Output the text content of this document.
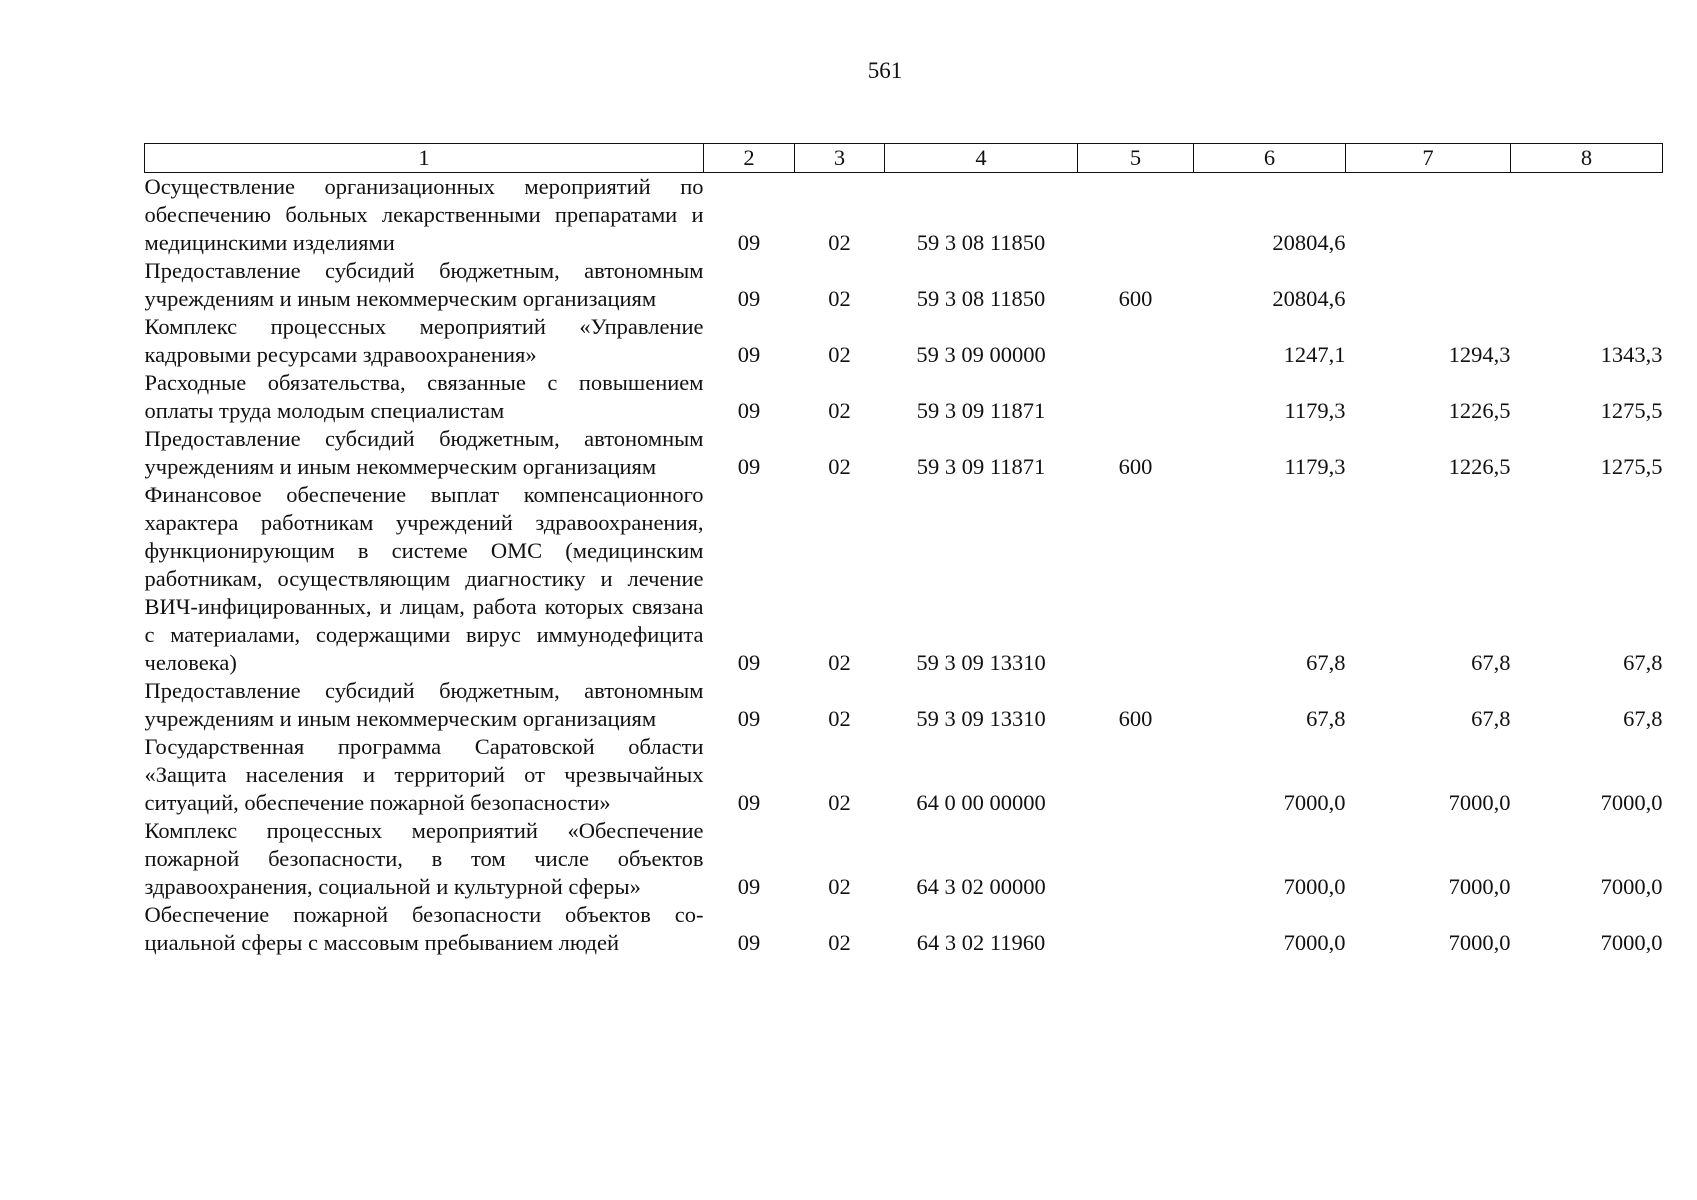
561
1	2	3	4	5	6	7	8
Осуществление организационных мероприятий по обеспечению больных лекарственными препаратами и медицинскими изделиями	09	02	59 3 08 11850		20804,6		
Предоставление субсидий бюджетным, автономным учреждениям и иным некоммерческим организациям	09	02	59 3 08 11850	600	20804,6		
Комплекс процессных мероприятий «Управление кадровыми ресурсами здравоохранения»	09	02	59 3 09 00000		1247,1	1294,3	1343,3
Расходные обязательства, связанные с повышением оплаты труда молодым специалистам	09	02	59 3 09 11871		1179,3	1226,5	1275,5
Предоставление субсидий бюджетным, автономным учреждениям и иным некоммерческим организациям	09	02	59 3 09 11871	600	1179,3	1226,5	1275,5
Финансовое обеспечение выплат компенсационного характера работникам учреждений здравоохранения, функционирующим в системе ОМС (медицинским работникам, осуществляющим диагностику и лечение ВИЧ-инфицированных, и лицам, работа которых связана с материалами, содержащими вирус иммунодефицита человека)	09	02	59 3 09 13310		67,8	67,8	67,8
Предоставление субсидий бюджетным, автономным учреждениям и иным некоммерческим организациям	09	02	59 3 09 13310	600	67,8	67,8	67,8
Государственная программа Саратовской области «Защита населения и территорий от чрезвычайных ситуаций, обеспечение пожарной безопасности»	09	02	64 0 00 00000		7000,0	7000,0	7000,0
Комплекс процессных мероприятий «Обеспечение пожарной безопасности, в том числе объектов здравоохранения, социальной и культурной сферы»	09	02	64 3 02 00000		7000,0	7000,0	7000,0
Обеспечение пожарной безопасности объектов социальной сферы с массовым пребыванием людей	09	02	64 3 02 11960		7000,0	7000,0	7000,0
